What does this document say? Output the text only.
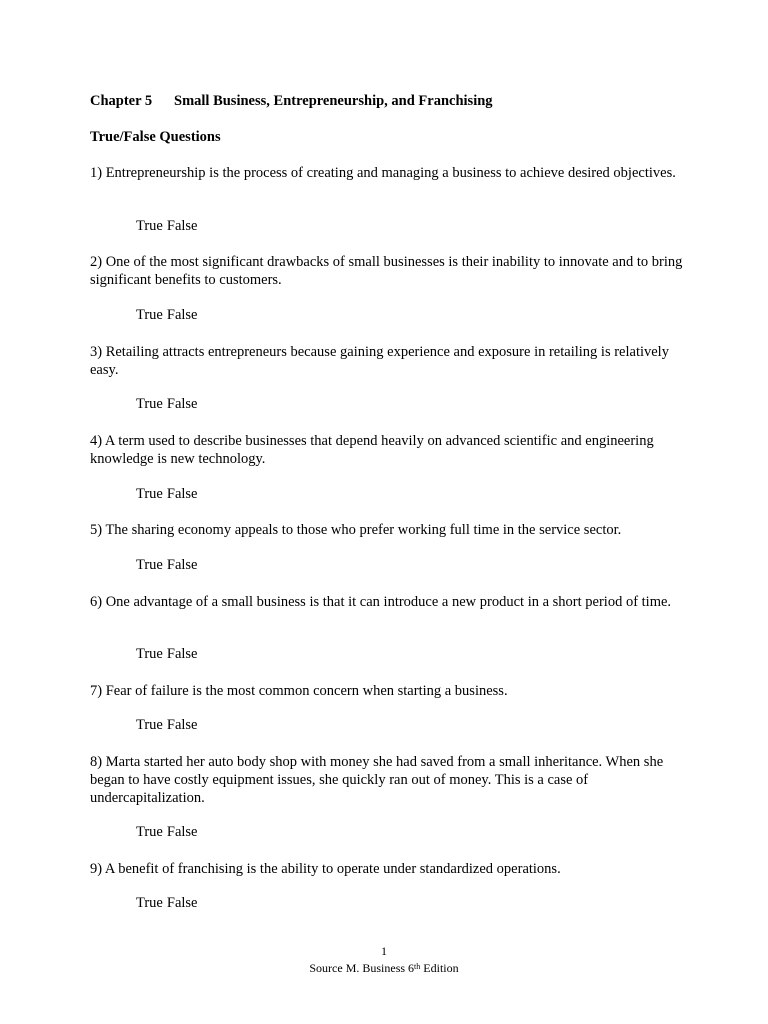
Chapter 5 Small Business, Entrepreneurship, and Franchising
True/False Questions
1) Entrepreneurship is the process of creating and managing a business to achieve desired objectives.
True False
2) One of the most significant drawbacks of small businesses is their inability to innovate and to bring significant benefits to customers.
True False
3) Retailing attracts entrepreneurs because gaining experience and exposure in retailing is relatively easy.
True False
4) A term used to describe businesses that depend heavily on advanced scientific and engineering knowledge is new technology.
True False
5) The sharing economy appeals to those who prefer working full time in the service sector.
True False
6) One advantage of a small business is that it can introduce a new product in a short period of time.
True False
7) Fear of failure is the most common concern when starting a business.
True False
8) Marta started her auto body shop with money she had saved from a small inheritance. When she began to have costly equipment issues, she quickly ran out of money. This is a case of undercapitalization.
True False
9) A benefit of franchising is the ability to operate under standardized operations.
True False
1
Source M. Business 6th Edition
